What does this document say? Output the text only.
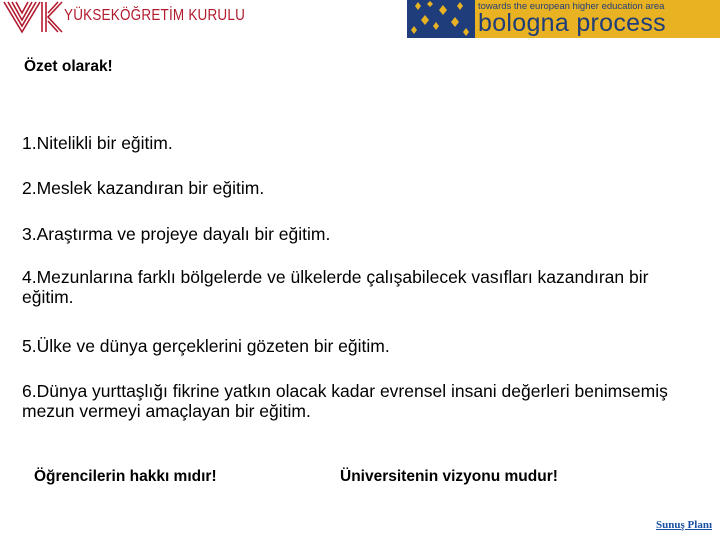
YÜKSEKÖĞRETİM KURULU	towards the european higher education area
bologna process
Özet olarak!
1.Nitelikli bir eğitim.
2.Meslek kazandıran bir eğitim.
3.Araştırma ve projeye dayalı bir eğitim.
4.Mezunlarına farklı bölgelerde ve ülkelerde çalışabilecek vasıfları kazandıran bir eğitim.
5.Ülke ve dünya gerçeklerini gözeten bir eğitim.
6.Dünya yurttaşlığı fikrine yatkın olacak kadar evrensel insani değerleri benimsemiş mezun vermeyi amaçlayan bir eğitim.
Öğrencilerin hakkı mıdır!	Üniversitenin vizyonu mudur!
Sunuş Planı
